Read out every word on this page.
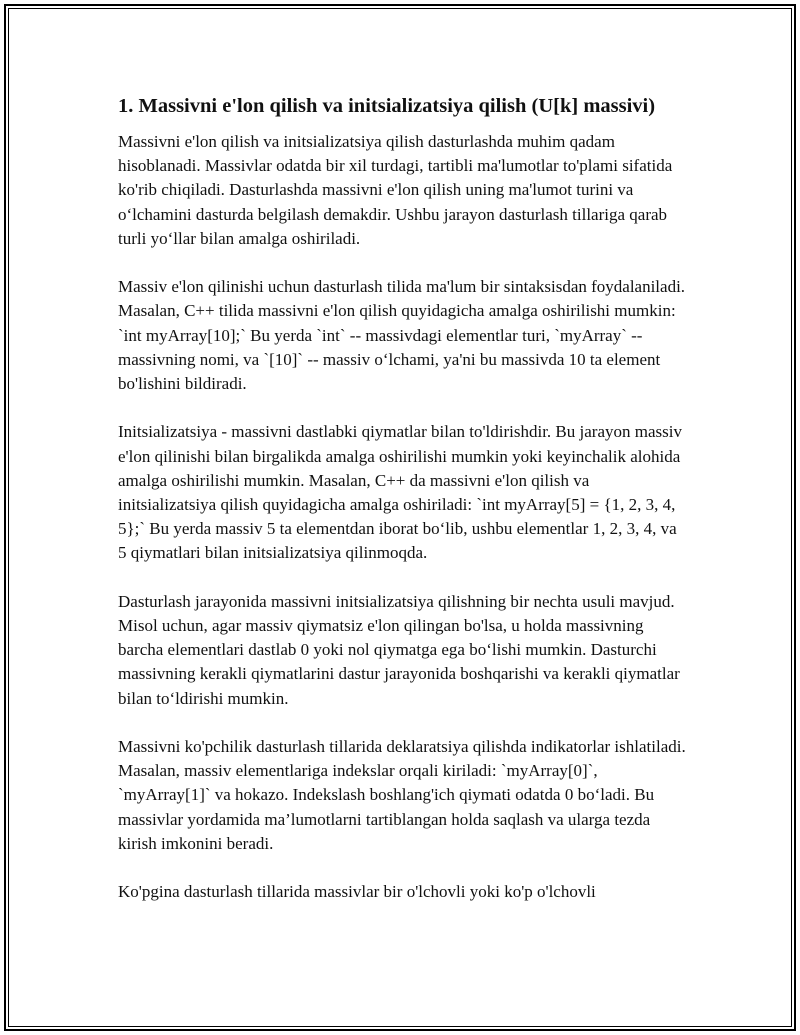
1. Massivni e'lon qilish va initsializatsiya qilish (U[k] massivi)

Massivni e'lon qilish va initsializatsiya qilish dasturlashda muhim qadam hisoblanadi. Massivlar odatda bir xil turdagi, tartibli ma'lumotlar to'plami sifatida ko'rib chiqiladi. Dasturlashda massivni e'lon qilish uning ma'lumot turini va o‘lchamini dasturda belgilash demakdir. Ushbu jarayon dasturlash tillariga qarab turli yo‘llar bilan amalga oshiriladi.

Massiv e'lon qilinishi uchun dasturlash tilida ma'lum bir sintaksisdan foydalaniladi. Masalan, C++ tilida massivni e'lon qilish quyidagicha amalga oshirilishi mumkin: `int myArray[10];` Bu yerda `int` -- massivdagi elementlar turi, `myArray` -- massivning nomi, va `[10]` -- massiv o‘lchami, ya'ni bu massivda 10 ta element bo'lishini bildiradi.

Initsializatsiya - massivni dastlabki qiymatlar bilan to'ldirishdir. Bu jarayon massiv e'lon qilinishi bilan birgalikda amalga oshirilishi mumkin yoki keyinchalik alohida amalga oshirilishi mumkin. Masalan, C++ da massivni e'lon qilish va initsializatsiya qilish quyidagicha amalga oshiriladi: `int myArray[5] = {1, 2, 3, 4, 5};` Bu yerda massiv 5 ta elementdan iborat bo‘lib, ushbu elementlar 1, 2, 3, 4, va 5 qiymatlari bilan initsializatsiya qilinmoqda.

Dasturlash jarayonida massivni initsializatsiya qilishning bir nechta usuli mavjud. Misol uchun, agar massiv qiymatsiz e'lon qilingan bo'lsa, u holda massivning barcha elementlari dastlab 0 yoki nol qiymatga ega bo‘lishi mumkin. Dasturchi massivning kerakli qiymatlarini dastur jarayonida boshqarishi va kerakli qiymatlar bilan to‘ldirishi mumkin.

Massivni ko'pchilik dasturlash tillarida deklaratsiya qilishda indikatorlar ishlatiladi. Masalan, massiv elementlariga indekslar orqali kiriladi: `myArray[0]`, `myArray[1]` va hokazo. Indekslash boshlang'ich qiymati odatda 0 bo‘ladi. Bu massivlar yordamida ma’lumotlarni tartiblangan holda saqlash va ularga tezda kirish imkonini beradi.

Ko'pgina dasturlash tillarida massivlar bir o'lchovli yoki ko'p o'lchovli
